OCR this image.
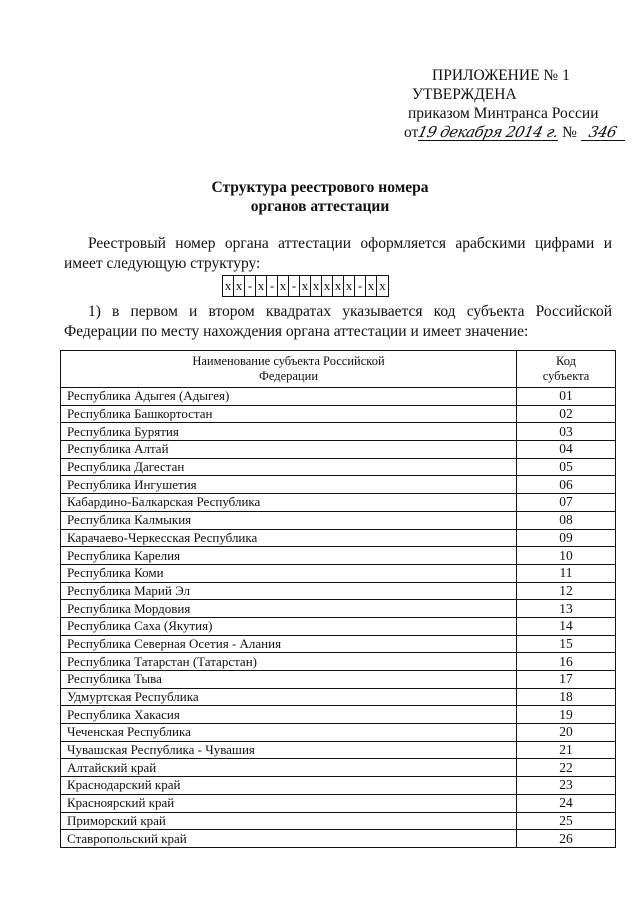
ПРИЛОЖЕНИЕ № 1
УТВЕРЖДЕНА
приказом Минтранса России
от19 декабря 2014 г. № 346
Структура реестрового номера
органов аттестации
Реестровый номер органа аттестации оформляется арабскими цифрами и имеет следующую структуру:
x x - x - x - x x x x x - x x
1) в первом и втором квадратах указывается код субъекта Российской Федерации по месту нахождения органа аттестации и имеет значение:
Наименование субъекта Российской Федерации	Код субъекта

Республика Адыгея (Адыгея)	01
Республика Башкортостан	02
Республика Бурятия	03
Республика Алтай	04
Республика Дагестан	05
Республика Ингушетия	06
Кабардино-Балкарская Республика	07
Республика Калмыкия	08
Карачаево-Черкесская Республика	09
Республика Карелия	10
Республика Коми	11
Республика Марий Эл	12
Республика Мордовия	13
Республика Саха (Якутия)	14
Республика Северная Осетия - Алания	15
Республика Татарстан (Татарстан)	16
Республика Тыва	17
Удмуртская Республика	18
Республика Хакасия	19
Чеченская Республика	20
Чувашская Республика - Чувашия	21
Алтайский край	22
Краснодарский край	23
Красноярский край	24
Приморский край	25
Ставропольский край	26
